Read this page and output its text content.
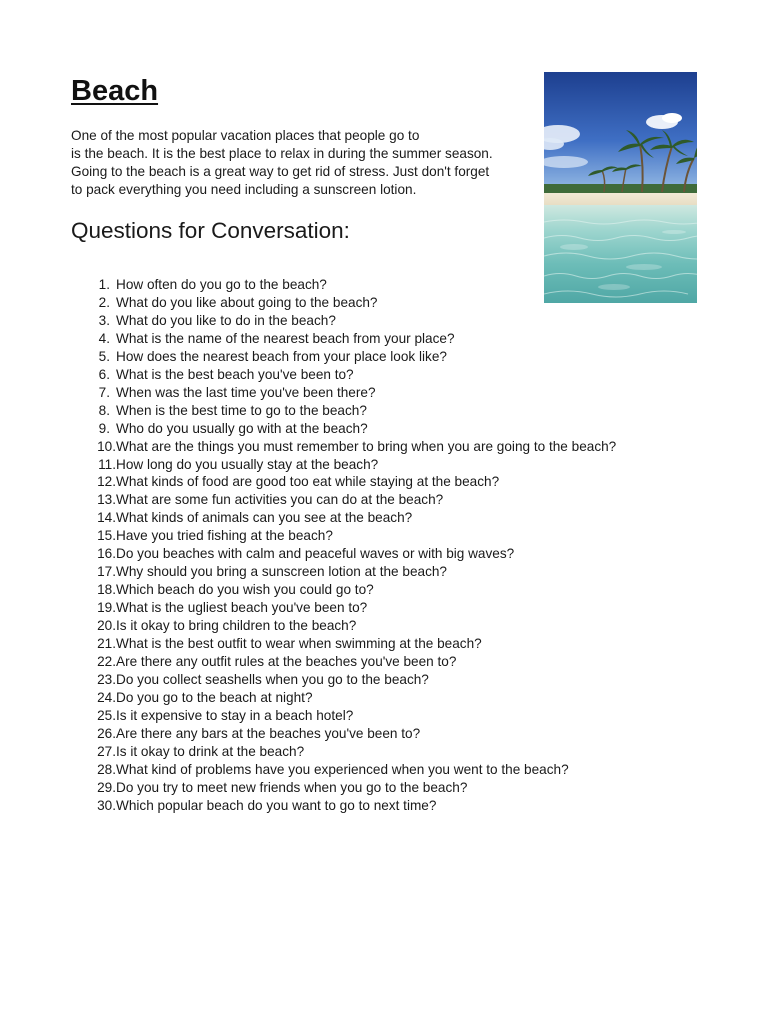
Beach
One of the most popular vacation places that people go to
is the beach. It is the best place to relax in during the summer season.
Going to the beach is a great way to get rid of stress. Just don't forget
to pack everything you need including a sunscreen lotion.
Questions for Conversation:
1. How often do you go to the beach?
2. What do you like about going to the beach?
3. What do you like to do in the beach?
4. What is the name of the nearest beach from your place?
5. How does the nearest beach from your place look like?
6. What is the best beach you've been to?
7. When was the last time you've been there?
8. When is the best time to go to the beach?
9. Who do you usually go with at the beach?
10. What are the things you must remember to bring when you are going to the beach?
11. How long do you usually stay at the beach?
12. What kinds of food are good too eat while staying at the beach?
13. What are some fun activities you can do at the beach?
14. What kinds of animals can you see at the beach?
15. Have you tried fishing at the beach?
16. Do you beaches with calm and peaceful waves or with big waves?
17. Why should you bring a sunscreen lotion at the beach?
18. Which beach do you wish you could go to?
19. What is the ugliest beach you've been to?
20. Is it okay to bring children to the beach?
21. What is the best outfit to wear when swimming at the beach?
22. Are there any outfit rules at the beaches you've been to?
23. Do you collect seashells when you go to the beach?
24. Do you go to the beach at night?
25. Is it expensive to stay in a beach hotel?
26. Are there any bars at the beaches you've been to?
27. Is it okay to drink at the beach?
28. What kind of problems have you experienced when you went to the beach?
29. Do you try to meet new friends when you go to the beach?
30. Which popular beach do you want to go to next time?
